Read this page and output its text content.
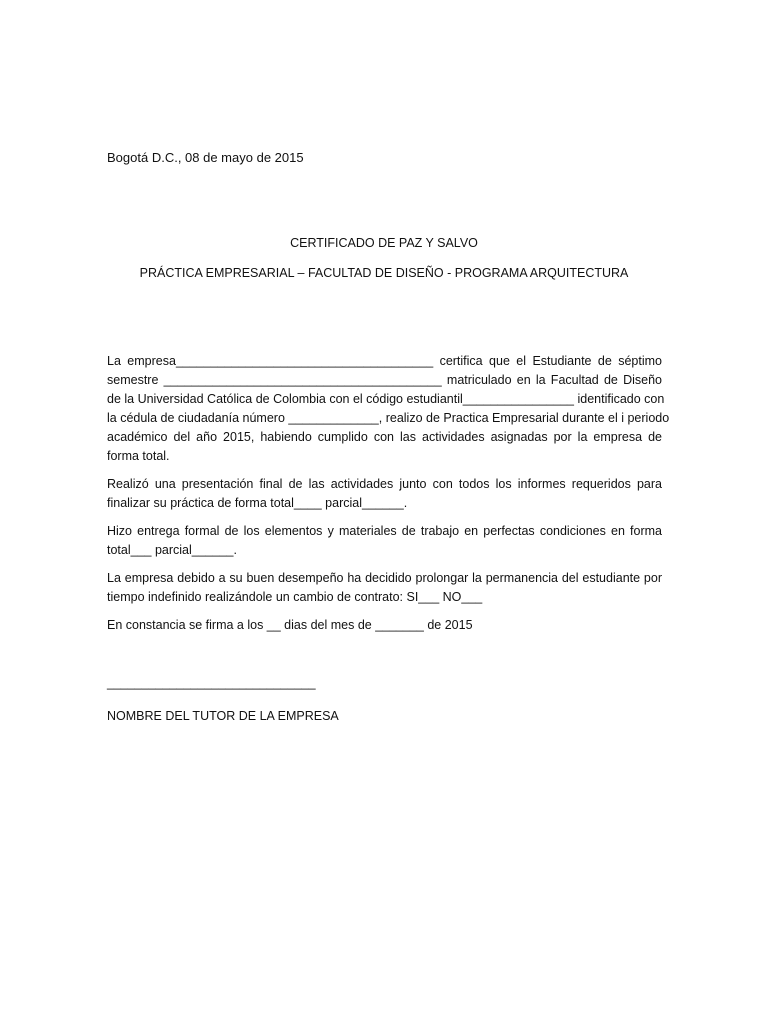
Bogotá D.C., 08 de mayo de 2015
CERTIFICADO DE PAZ Y SALVO
PRÁCTICA EMPRESARIAL – FACULTAD DE DISEÑO - PROGRAMA ARQUITECTURA
La empresa_____________________________________ certifica que el Estudiante de séptimo
semestre ________________________________________ matriculado en la Facultad de Diseño
de la Universidad Católica de Colombia con el código estudiantil________________ identificado con
la cédula de ciudadanía número _____________, realizo de Practica Empresarial durante el i periodo
académico del año 2015, habiendo cumplido con las actividades asignadas por la empresa de
forma total.
Realizó una presentación final de las actividades junto con todos los informes requeridos para
finalizar su práctica de forma total____ parcial______.
Hizo entrega formal de los elementos y materiales de trabajo en perfectas condiciones en forma
total___ parcial______.
La empresa debido a su buen desempeño ha decidido prolongar la permanencia del estudiante por
tiempo indefinido realizándole un cambio de contrato: SI___ NO___
En constancia se firma a los __ dias del mes de _______ de 2015
______________________________
NOMBRE DEL TUTOR DE LA EMPRESA
